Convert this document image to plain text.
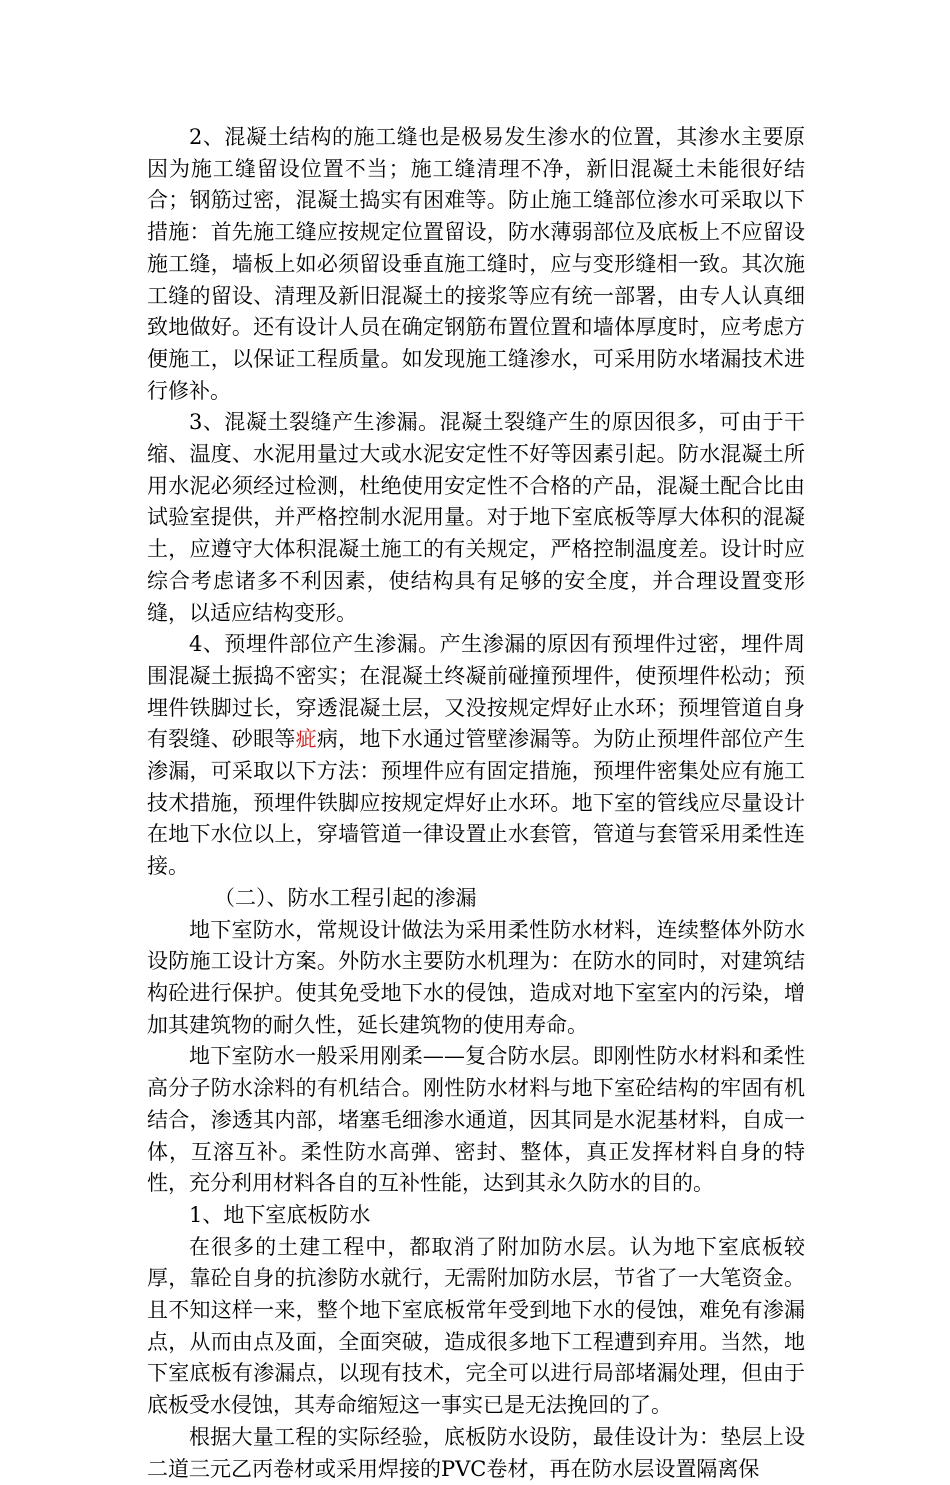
2、混凝土结构的施工缝也是极易发生渗水的位置，其渗水主要原因为施工缝留设位置不当；施工缝清理不净，新旧混凝土未能很好结合；钢筋过密，混凝土捣实有困难等。防止施工缝部位渗水可采取以下措施：首先施工缝应按规定位置留设，防水薄弱部位及底板上不应留设施工缝，墙板上如必须留设垂直施工缝时，应与变形缝相一致。其次施工缝的留设、清理及新旧混凝土的接浆等应有统一部署，由专人认真细致地做好。还有设计人员在确定钢筋布置位置和墙体厚度时，应考虑方便施工，以保证工程质量。如发现施工缝渗水，可采用防水堵漏技术进行修补。

3、混凝土裂缝产生渗漏。混凝土裂缝产生的原因很多，可由于干缩、温度、水泥用量过大或水泥安定性不好等因素引起。防水混凝土所用水泥必须经过检测，杜绝使用安定性不合格的产品，混凝土配合比由试验室提供，并严格控制水泥用量。对于地下室底板等厚大体积的混凝土，应遵守大体积混凝土施工的有关规定，严格控制温度差。设计时应综合考虑诸多不利因素，使结构具有足够的安全度，并合理设置变形缝，以适应结构变形。

4、预埋件部位产生渗漏。产生渗漏的原因有预埋件过密，埋件周围混凝土振捣不密实；在混凝土终凝前碰撞预埋件，使预埋件松动；预埋件铁脚过长，穿透混凝土层，又没按规定焊好止水环；预埋管道自身有裂缝、砂眼等疵病，地下水通过管壁渗漏等。为防止预埋件部位产生渗漏，可采取以下方法：预埋件应有固定措施，预埋件密集处应有施工技术措施，预埋件铁脚应按规定焊好止水环。地下室的管线应尽量设计在地下水位以上，穿墙管道一律设置止水套管，管道与套管采用柔性连接。

（二）、防水工程引起的渗漏

地下室防水，常规设计做法为采用柔性防水材料，连续整体外防水设防施工设计方案。外防水主要防水机理为：在防水的同时，对建筑结构砼进行保护。使其免受地下水的侵蚀，造成对地下室室内的污染，增加其建筑物的耐久性，延长建筑物的使用寿命。

地下室防水一般采用刚柔——复合防水层。即刚性防水材料和柔性高分子防水涂料的有机结合。刚性防水材料与地下室砼结构的牢固有机结合，渗透其内部，堵塞毛细渗水通道，因其同是水泥基材料，自成一体，互溶互补。柔性防水高弹、密封、整体，真正发挥材料自身的特性，充分利用材料各自的互补性能，达到其永久防水的目的。

1、地下室底板防水

在很多的土建工程中，都取消了附加防水层。认为地下室底板较厚，靠砼自身的抗渗防水就行，无需附加防水层，节省了一大笔资金。且不知这样一来，整个地下室底板常年受到地下水的侵蚀，难免有渗漏点，从而由点及面，全面突破，造成很多地下工程遭到弃用。当然，地下室底板有渗漏点，以现有技术，完全可以进行局部堵漏处理，但由于底板受水侵蚀，其寿命缩短这一事实已是无法挽回的了。

根据大量工程的实际经验，底板防水设防，最佳设计为：垫层上设二道三元乙丙卷材或采用焊接的PVC卷材，再在防水层设置隔离保
